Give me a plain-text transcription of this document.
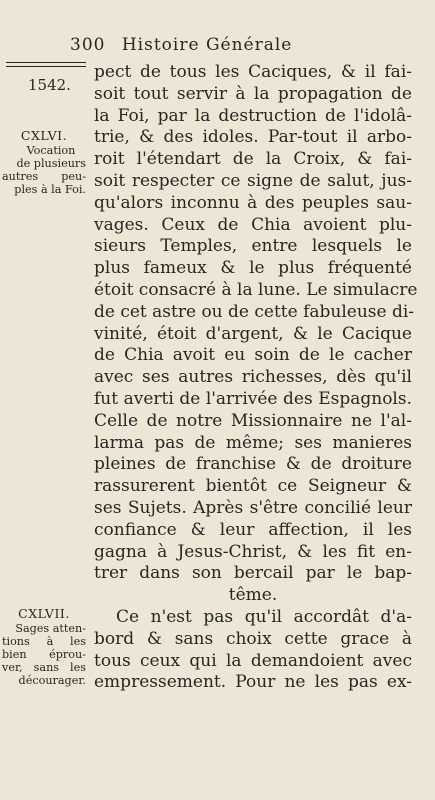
300 Histoire Générale
1542.
CXLVI.
Vocation
de plusieurs
autres peu-
ples à la Foi.
CXLVII.
Sages atten-
tions à les
bien éprou-
ver, sans les
décourager.
pect de tous les Caciques, & il fai-
soit tout servir à la propagation de
la Foi, par la destruction de l'idolâ-
trie, & des idoles. Par-tout il arbo-
roit l'étendart de la Croix, & fai-
soit respecter ce signe de salut, jus-
qu'alors inconnu à des peuples sau-
vages. Ceux de Chia avoient plu-
sieurs Temples, entre lesquels le
plus fameux & le plus fréquenté
étoit consacré à la lune. Le simulacre
de cet astre ou de cette fabuleuse di-
vinité, étoit d'argent, & le Cacique
de Chia avoit eu soin de le cacher
avec ses autres richesses, dès qu'il
fut averti de l'arrivée des Espagnols.
Celle de notre Missionnaire ne l'al-
larma pas de même; ses manieres
pleines de franchise & de droiture
rassurerent bientôt ce Seigneur &
ses Sujets. Après s'être concilié leur
confiance & leur affection, il les
gagna à Jesus-Christ, & les fit en-
trer dans son bercail par le bap-
tême.
Ce n'est pas qu'il accordât d'a-
bord & sans choix cette grace à
tous ceux qui la demandoient avec
empressement. Pour ne les pas ex-
